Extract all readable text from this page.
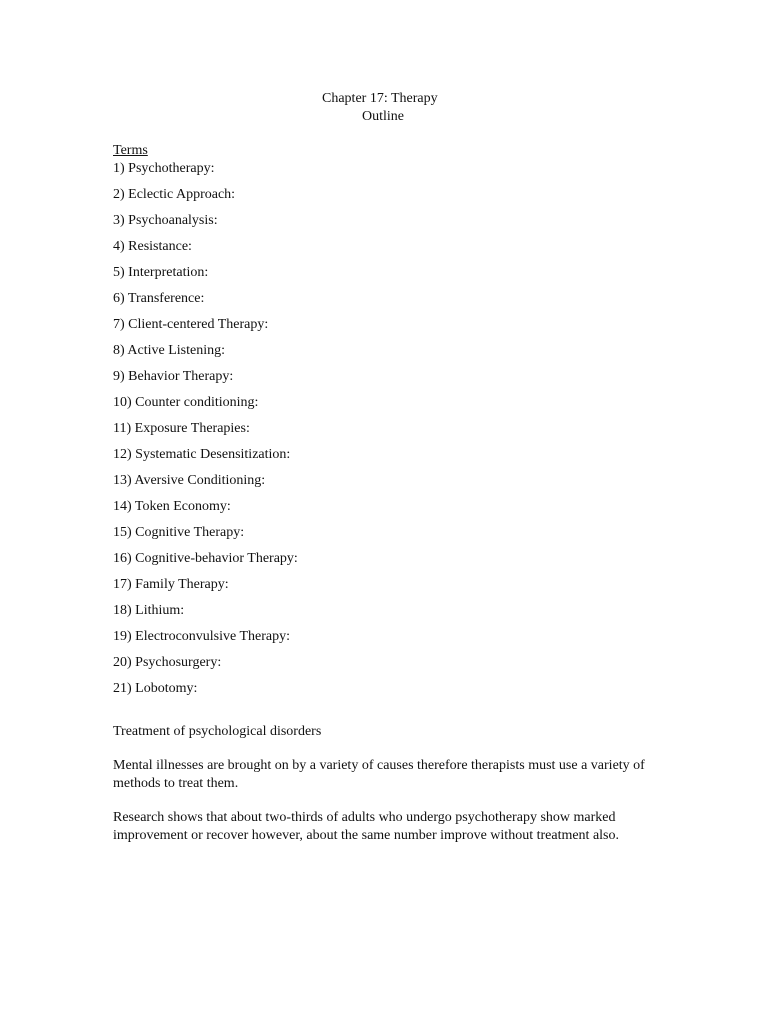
Chapter 17: Therapy
Outline
Terms
1) Psychotherapy:
2) Eclectic Approach:
3) Psychoanalysis:
4) Resistance:
5) Interpretation:
6) Transference:
7) Client-centered Therapy:
8) Active Listening:
9) Behavior Therapy:
10) Counter conditioning:
11) Exposure Therapies:
12) Systematic Desensitization:
13) Aversive Conditioning:
14) Token Economy:
15) Cognitive Therapy:
16) Cognitive-behavior Therapy:
17) Family Therapy:
18) Lithium:
19) Electroconvulsive Therapy:
20) Psychosurgery:
21) Lobotomy:
Treatment of psychological disorders

Mental illnesses are brought on by a variety of causes therefore therapists must use a variety of methods to treat them.

Research shows that about two-thirds of adults who undergo psychotherapy show marked improvement or recover however, about the same number improve without treatment also.
